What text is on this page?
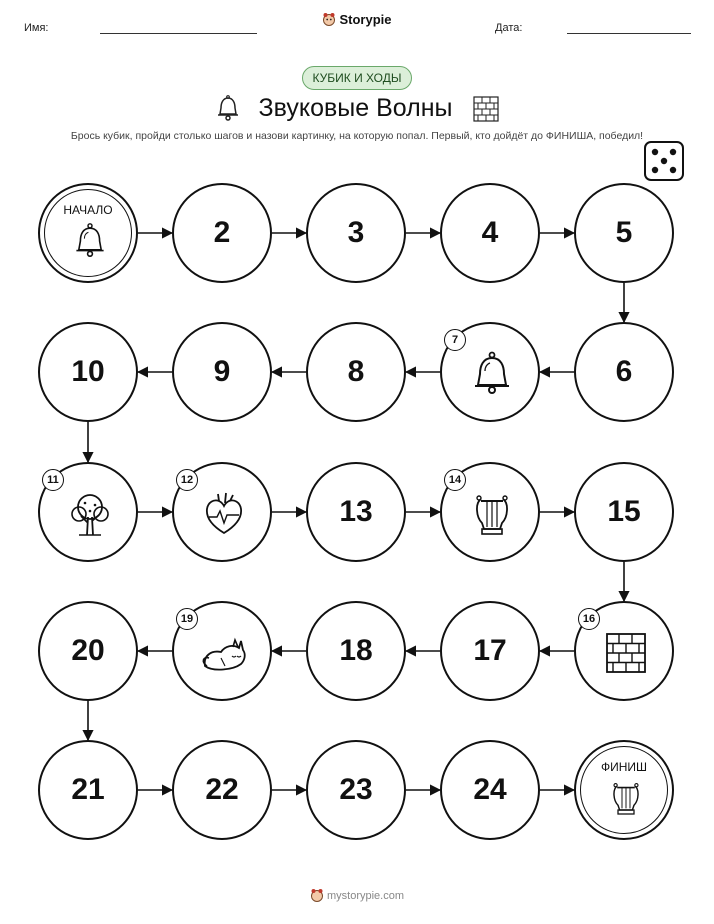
Имя:
Storypie
Дата:
КУБИК И ХОДЫ
Звуковые Волны
Брось кубик, пройди столько шагов и назови картинку, на которую попал. Первый, кто дойдёт до ФИНИША, победил!
НАЧАЛО
2	3	4	5
6
7
8
9
10
11	12
13
14
15
16
17
18
19
20
21	22	23	24
ФИНИШ
mystorypie.com
